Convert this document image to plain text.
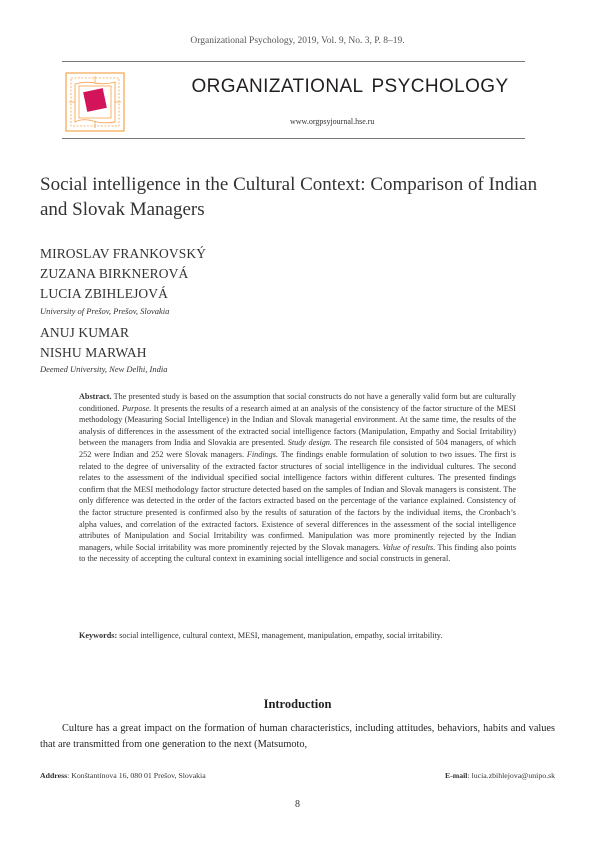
Organizational Psychology, 2019, Vol. 9, No. 3, P. 8–19.
ORGANIZATIONAL PSYCHOLOGY
www.orgpsyjournal.hse.ru
Social intelligence in the Cultural Context: Comparison of Indian and Slovak Managers
MIROSLAV FRANKOVSKÝ
ZUZANA BIRKNEROVÁ
LUCIA ZBIHLEJOVÁ
University of Prešov, Prešov, Slovakia
ANUJ KUMAR
NISHU MARWAH
Deemed University, New Delhi, India

Abstract. The presented study is based on the assumption that social constructs do not have a generally valid form but are culturally conditioned. Purpose. It presents the results of a research aimed at an analysis of the consistency of the factor structure of the MESI methodology (Measuring Social Intelligence) in the Indian and Slovak managerial environment. At the same time, the results of the analysis of differences in the assessment of the extracted social intelligence factors (Manipulation, Empathy and Social Irritability) between the managers from India and Slovakia are presented. Study design. The research file consisted of 504 managers, of which 252 were Indian and 252 were Slovak managers. Findings. The findings enable formulation of solution to two issues. The first is related to the degree of universality of the extracted factor structures of social intelligence in the individual cultures. The second relates to the assessment of the individual specified social intelligence factors within different cultures. The presented findings confirm that the MESI methodology factor structure detected based on the samples of Indian and Slovak managers is consistent. The only difference was detected in the order of the factors extracted based on the percentage of the variance explained. Consistency of the factor structure presented is confirmed also by the results of saturation of the factors by the individual items, the Cronbach’s alpha values, and correlation of the extracted factors. Existence of several differences in the assessment of the social intelligence attributes of Manipulation and Social Irritability was confirmed. Manipulation was more prominently rejected by the Indian managers, while Social irritability was more prominently rejected by the Slovak managers. Value of results. This finding also points to the necessity of accepting the cultural context in examining social intelligence and social constructs in general.

Keywords: social intelligence, cultural context, MESI, management, manipulation, empathy, social irritability.

Introduction

Culture has a great impact on the formation of human characteristics, including attitudes, behaviors, habits and values that are transmitted from one generation to the next (Matsumoto,

Address: Konštantínova 16, 080 01 Prešov, Slovakia	E-mail: lucia.zbihlejova@unipo.sk
8
